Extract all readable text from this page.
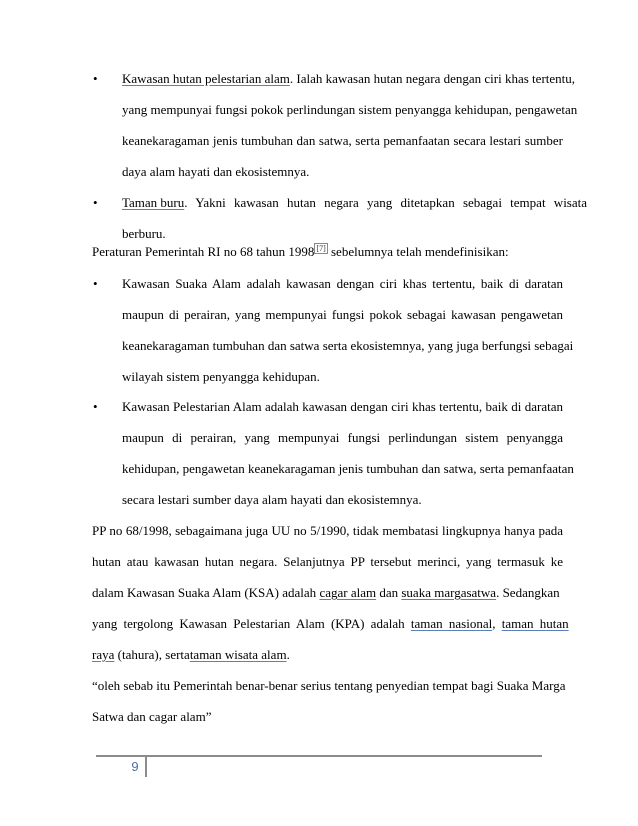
• Kawasan hutan pelestarian alam. Ialah kawasan hutan negara dengan ciri khas tertentu,
yang mempunyai fungsi pokok perlindungan sistem penyangga kehidupan, pengawetan
keanekaragaman jenis tumbuhan dan satwa, serta pemanfaatan secara lestari sumber
daya alam hayati dan ekosistemnya.
• Taman buru. Yakni kawasan hutan negara yang ditetapkan sebagai tempat wisata
berburu.
Peraturan Pemerintah RI no 68 tahun 1998 [7] sebelumnya telah mendefinisikan:
• Kawasan Suaka Alam adalah kawasan dengan ciri khas tertentu, baik di daratan
maupun di perairan, yang mempunyai fungsi pokok sebagai kawasan pengawetan
keanekaragaman tumbuhan dan satwa serta ekosistemnya, yang juga berfungsi sebagai
wilayah sistem penyangga kehidupan.
• Kawasan Pelestarian Alam adalah kawasan dengan ciri khas tertentu, baik di daratan
maupun di perairan, yang mempunyai fungsi perlindungan sistem penyangga
kehidupan, pengawetan keanekaragaman jenis tumbuhan dan satwa, serta pemanfaatan
secara lestari sumber daya alam hayati dan ekosistemnya.
PP no 68/1998, sebagaimana juga UU no 5/1990, tidak membatasi lingkupnya hanya pada
hutan atau kawasan hutan negara. Selanjutnya PP tersebut merinci, yang termasuk ke
dalam Kawasan Suaka Alam (KSA) adalah cagar alam dan suaka margasatwa. Sedangkan
yang tergolong Kawasan Pelestarian Alam (KPA) adalah taman nasional, taman hutan
raya (tahura), sertataman wisata alam.
“oleh sebab itu Pemerintah benar-benar serius tentang penyedian tempat bagi Suaka Marga
Satwa dan cagar alam”
9
